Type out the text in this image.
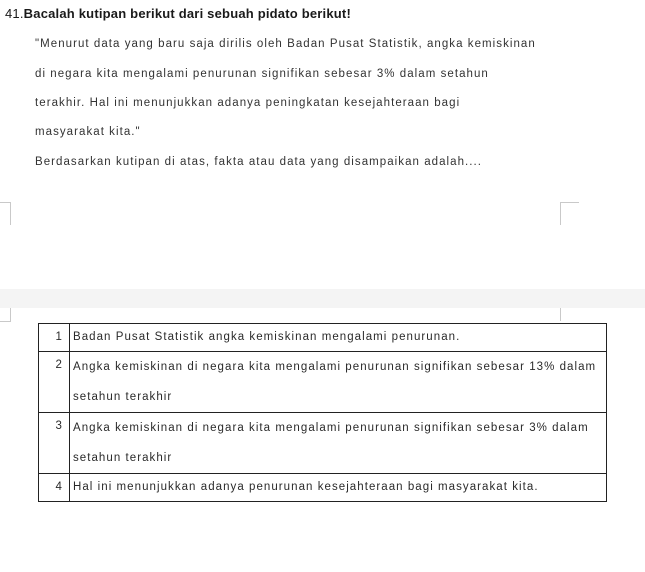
41.Bacalah kutipan berikut dari sebuah pidato berikut!

"Menurut data yang baru saja dirilis oleh Badan Pusat Statistik, angka kemiskinan

di negara kita mengalami penurunan signifikan sebesar 3% dalam setahun

terakhir. Hal ini menunjukkan adanya peningkatan kesejahteraan bagi

masyarakat kita."

Berdasarkan kutipan di atas, fakta atau data yang disampaikan adalah....

1	Badan Pusat Statistik angka kemiskinan mengalami penurunan.
2	Angka kemiskinan di negara kita mengalami penurunan signifikan sebesar 13% dalam setahun terakhir
3	Angka kemiskinan di negara kita mengalami penurunan signifikan sebesar 3% dalam setahun terakhir
4	Hal ini menunjukkan adanya penurunan kesejahteraan bagi masyarakat kita.
